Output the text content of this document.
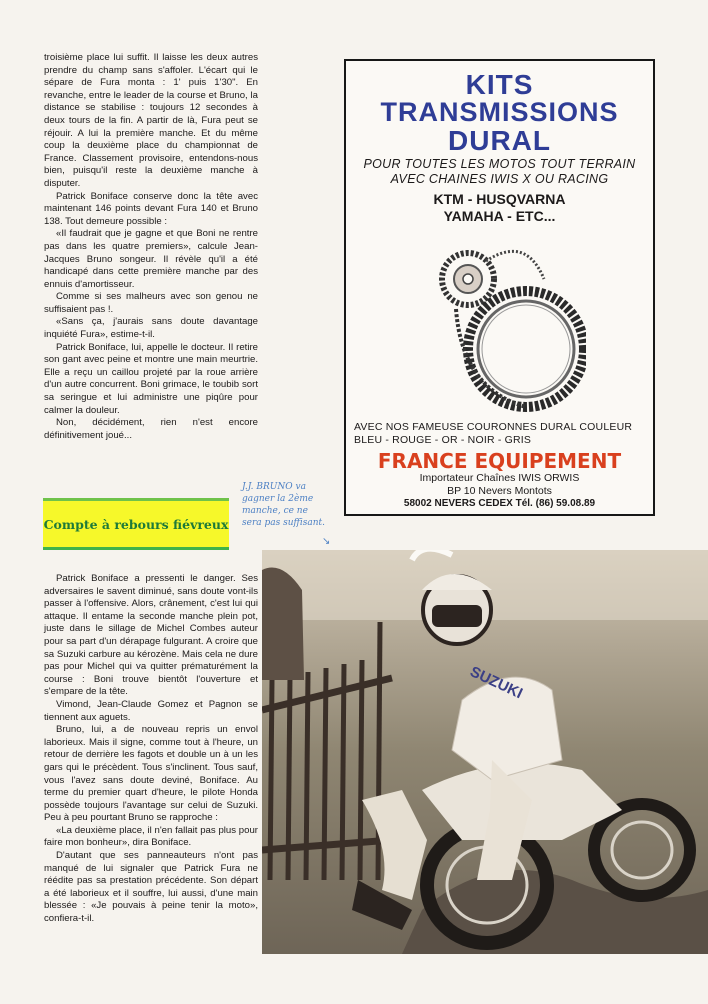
troisième place lui suffit. Il laisse les deux autres prendre du champ sans s'affoler. L'écart qui le sépare de Fura monta : 1' puis 1'30". En revanche, entre le leader de la course et Bruno, la distance se stabilise : toujours 12 secondes à deux tours de la fin. A partir de là, Fura peut se réjouir. A lui la première manche. Et du même coup la deuxième place du championnat de France. Classement provisoire, entendons-nous bien, puisqu'il reste la deuxième manche à disputer.

Patrick Boniface conserve donc la tête avec maintenant 146 points devant Fura 140 et Bruno 138. Tout demeure possible :

«Il faudrait que je gagne et que Boni ne rentre pas dans les quatre premiers», calcule Jean-Jacques Bruno songeur. Il révèle qu'il a été handicapé dans cette première manche par des ennuis d'amortisseur.

Comme si ses malheurs avec son genou ne suffisaient pas !.

«Sans ça, j'aurais sans doute davantage inquiété Fura», estime-t-il.

Patrick Boniface, lui, appelle le docteur. Il retire son gant avec peine et montre une main meurtrie. Elle a reçu un caillou projeté par la roue arrière d'un autre concurrent. Boni grimace, le toubib sort sa seringue et lui administre une piqûre pour calmer la douleur.

Non, décidément, rien n'est encore définitivement joué...

Compte à rebours fiévreux

Patrick Boniface a pressenti le danger. Ses adversaires le savent diminué, sans doute vont-ils passer à l'offensive. Alors, crânement, c'est lui qui attaque. Il entame la seconde manche plein pot, juste dans le sillage de Michel Combes auteur pour sa part d'un dérapage fulgurant. A croire que sa Suzuki carbure au kérozène. Mais cela ne dure pas pour Michel qui va quitter prématurément la course : Boni trouve bientôt l'ouverture et s'empare de la tête.

Vimond, Jean-Claude Gomez et Pagnon se tiennent aux aguets.

Bruno, lui, a de nouveau repris un envol laborieux. Mais il signe, comme tout à l'heure, un retour de derrière les fagots et double un à un les gars qui le précèdent. Tous s'inclinent. Tous sauf, vous l'avez sans doute deviné, Boniface. Au terme du premier quart d'heure, le pilote Honda possède toujours l'avantage sur celui de Suzuki. Peu à peu pourtant Bruno se rapproche :

«La deuxième place, il n'en fallait pas plus pour faire mon bonheur», dira Boniface.

D'autant que ses panneauteurs n'ont pas manqué de lui signaler que Patrick Fura ne réédite pas sa prestation précédente. Son départ a été laborieux et il souffre, lui aussi, d'une main blessée : «Je pouvais à peine tenir la moto», confiera-t-il.

KITS
TRANSMISSIONS
DURAL
POUR TOUTES LES MOTOS TOUT TERRAIN AVEC CHAINES IWIS X OU RACING
KTM - HUSQVARNA
YAMAHA - ETC...
AVEC NOS FAMEUSE COURONNES DURAL COULEUR BLEU - ROUGE - OR - NOIR - GRIS
FRANCE EQUIPEMENT
Importateur Chaînes IWIS ORWIS
BP 10 Nevers Montots
58002 NEVERS CEDEX Tél. (86) 59.08.89
J.J. BRUNO va gagner la 2ème manche, ce ne sera pas suffisant.
↘
SUZUKI
